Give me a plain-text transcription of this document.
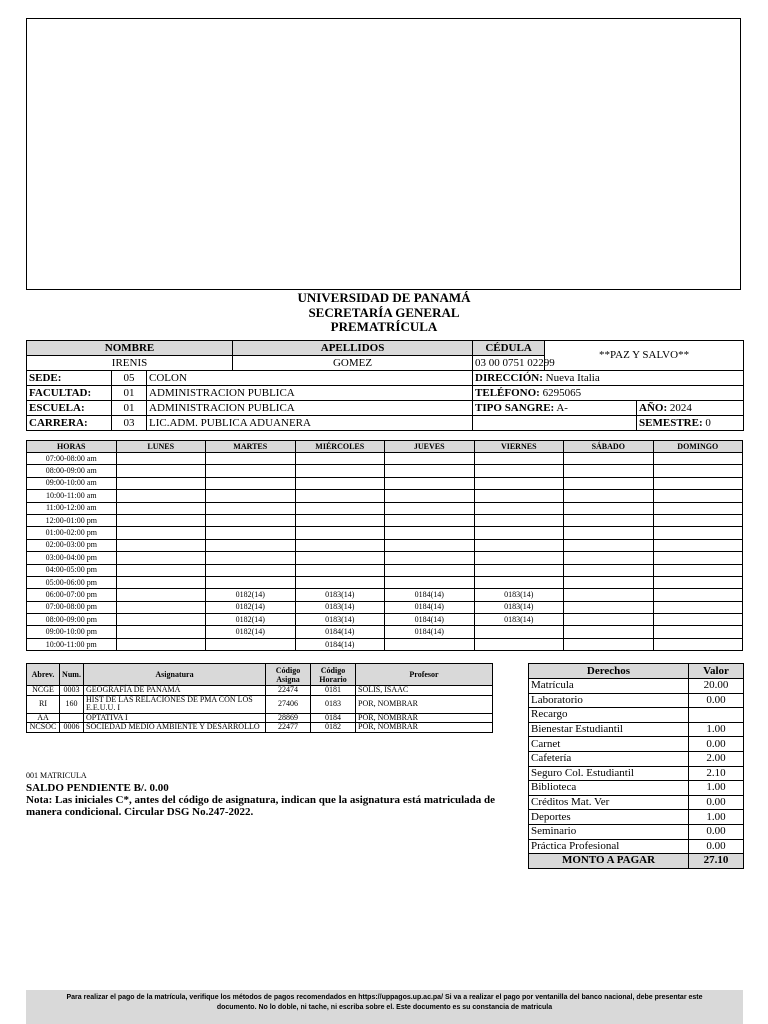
UNIVERSIDAD DE PANAMÁ
SECRETARÍA GENERAL
PREMATRÍCULA
NOMBRE			APELLIDOS	CÉDULA	**PAZ Y SALVO**	
IRENIS			GOMEZ	03 00 0751 02299		
SEDE:	05	COLON		DIRECCIÓN: Nueva Italia		
FACULTAD:	01	ADMINISTRACION PUBLICA		TELÉFONO: 6295065		
ESCUELA:	01	ADMINISTRACION PUBLICA		TIPO SANGRE: A-		AÑO: 2024
CARRERA:	03	LIC.ADM. PUBLICA ADUANERA				SEMESTRE: 0
HORAS	LUNES	MARTES	MIÉRCOLES	JUEVES	VIERNES	SÁBADO	DOMINGO
07:00-08:00 am							
08:00-09:00 am							
09:00-10:00 am							
10:00-11:00 am							
11:00-12:00 am							
12:00-01:00 pm							
01:00-02:00 pm							
02:00-03:00 pm							
03:00-04:00 pm							
04:00-05:00 pm							
05:00-06:00 pm							
06:00-07:00 pm		0182(14)	0183(14)	0184(14)	0183(14)		
07:00-08:00 pm		0182(14)	0183(14)	0184(14)	0183(14)		
08:00-09:00 pm		0182(14)	0183(14)	0184(14)	0183(14)		
09:00-10:00 pm		0182(14)	0184(14)	0184(14)			
10:00-11:00 pm			0184(14)				
Abrev.	Num.	Asignatura	Código Asigna	Código Horario	Profesor
NCGE	0003	GEOGRAFÍA DE PANAMÁ	22474	0181	SOLIS, ISAAC
RI	160	HIST DE LAS RELACIONES DE PMA CON LOS E.E.U.U. I	27406	0183	POR, NOMBRAR
AA		OPTATIVA I	28869	0184	POR, NOMBRAR
NCSOC	0006	SOCIEDAD MEDIO AMBIENTE Y DESARROLLO	22477	0182	POR, NOMBRAR
Derechos	Valor
Matrícula	20.00
Laboratorio	0.00
Recargo	
Bienestar Estudiantil	1.00
Carnet	0.00
Cafetería	2.00
Seguro Col. Estudiantil	2.10
Biblioteca	1.00
Créditos Mat. Ver	0.00
Deportes	1.00
Seminario	0.00
Práctica Profesional	0.00
MONTO A PAGAR	27.10
001 MATRICULA
SALDO PENDIENTE B/. 0.00
Nota: Las iniciales C*, antes del código de asignatura, indican que la asignatura está matriculada de manera condicional. Circular DSG No.247-2022.
Para realizar el pago de la matrícula, verifique los métodos de pagos recomendados en https://uppagos.up.ac.pa/ Si va a realizar el pago por ventanilla del banco nacional, debe presentar este
documento. No lo doble, ni tache, ni escriba sobre el. Este documento es su constancia de matricula
